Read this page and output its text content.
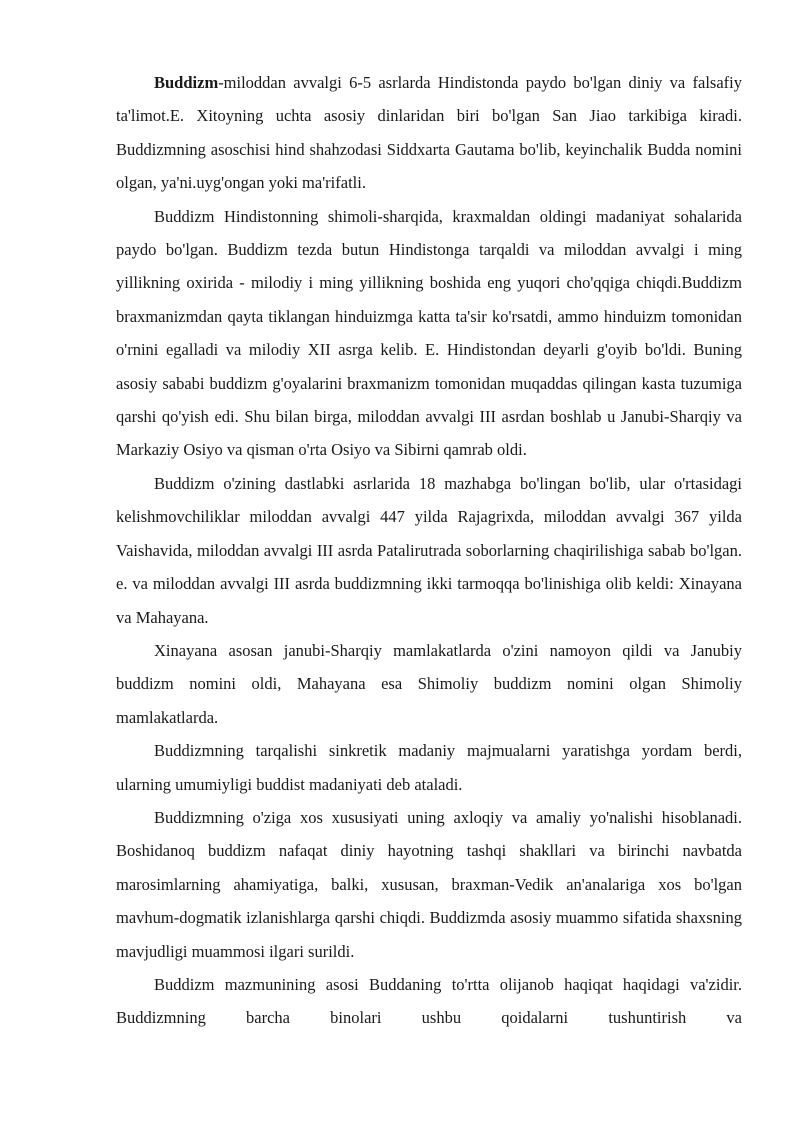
Buddizm-miloddan avvalgi 6-5 asrlarda Hindistonda paydo bo'lgan diniy va falsafiy ta'limot.E. Xitoyning uchta asosiy dinlaridan biri bo'lgan San Jiao tarkibiga kiradi. Buddizmning asoschisi hind shahzodasi Siddxarta Gautama bo'lib, keyinchalik Budda nomini olgan, ya'ni.uyg'ongan yoki ma'rifatli.

Buddizm Hindistonning shimoli-sharqida, kraxmaldan oldingi madaniyat sohalarida paydo bo'lgan. Buddizm tezda butun Hindistonga tarqaldi va miloddan avvalgi i ming yillikning oxirida - milodiy i ming yillikning boshida eng yuqori cho'qqiga chiqdi.Buddizm braxmanizmdan qayta tiklangan hinduizmga katta ta'sir ko'rsatdi, ammo hinduizm tomonidan o'rnini egalladi va milodiy XII asrga kelib. E. Hindistondan deyarli g'oyib bo'ldi. Buning asosiy sababi buddizm g'oyalarini braxmanizm tomonidan muqaddas qilingan kasta tuzumiga qarshi qo'yish edi. Shu bilan birga, miloddan avvalgi III asrdan boshlab u Janubi-Sharqiy va Markaziy Osiyo va qisman o'rta Osiyo va Sibirni qamrab oldi.

Buddizm o'zining dastlabki asrlarida 18 mazhabga bo'lingan bo'lib, ular o'rtasidagi kelishmovchiliklar miloddan avvalgi 447 yilda Rajagrixda, miloddan avvalgi 367 yilda Vaishavida, miloddan avvalgi III asrda Patalirutrada soborlarning chaqirilishiga sabab bo'lgan. e. va miloddan avvalgi III asrda buddizmning ikki tarmoqqa bo'linishiga olib keldi: Xinayana va Mahayana.

Xinayana asosan janubi-Sharqiy mamlakatlarda o'zini namoyon qildi va Janubiy buddizm nomini oldi, Mahayana esa Shimoliy buddizm nomini olgan Shimoliy mamlakatlarda.

Buddizmning tarqalishi sinkretik madaniy majmualarni yaratishga yordam berdi, ularning umumiyligi buddist madaniyati deb ataladi.

Buddizmning o'ziga xos xususiyati uning axloqiy va amaliy yo'nalishi hisoblanadi. Boshidanoq buddizm nafaqat diniy hayotning tashqi shakllari va birinchi navbatda marosimlarning ahamiyatiga, balki, xususan, braxman-Vedik an'analariga xos bo'lgan mavhum-dogmatik izlanishlarga qarshi chiqdi. Buddizmda asosiy muammo sifatida shaxsning mavjudligi muammosi ilgari surildi.

Buddizm mazmunining asosi Buddaning to'rtta olijanob haqiqat haqidagi va'zidir. Buddizmning barcha binolari ushbu qoidalarni tushuntirish va
